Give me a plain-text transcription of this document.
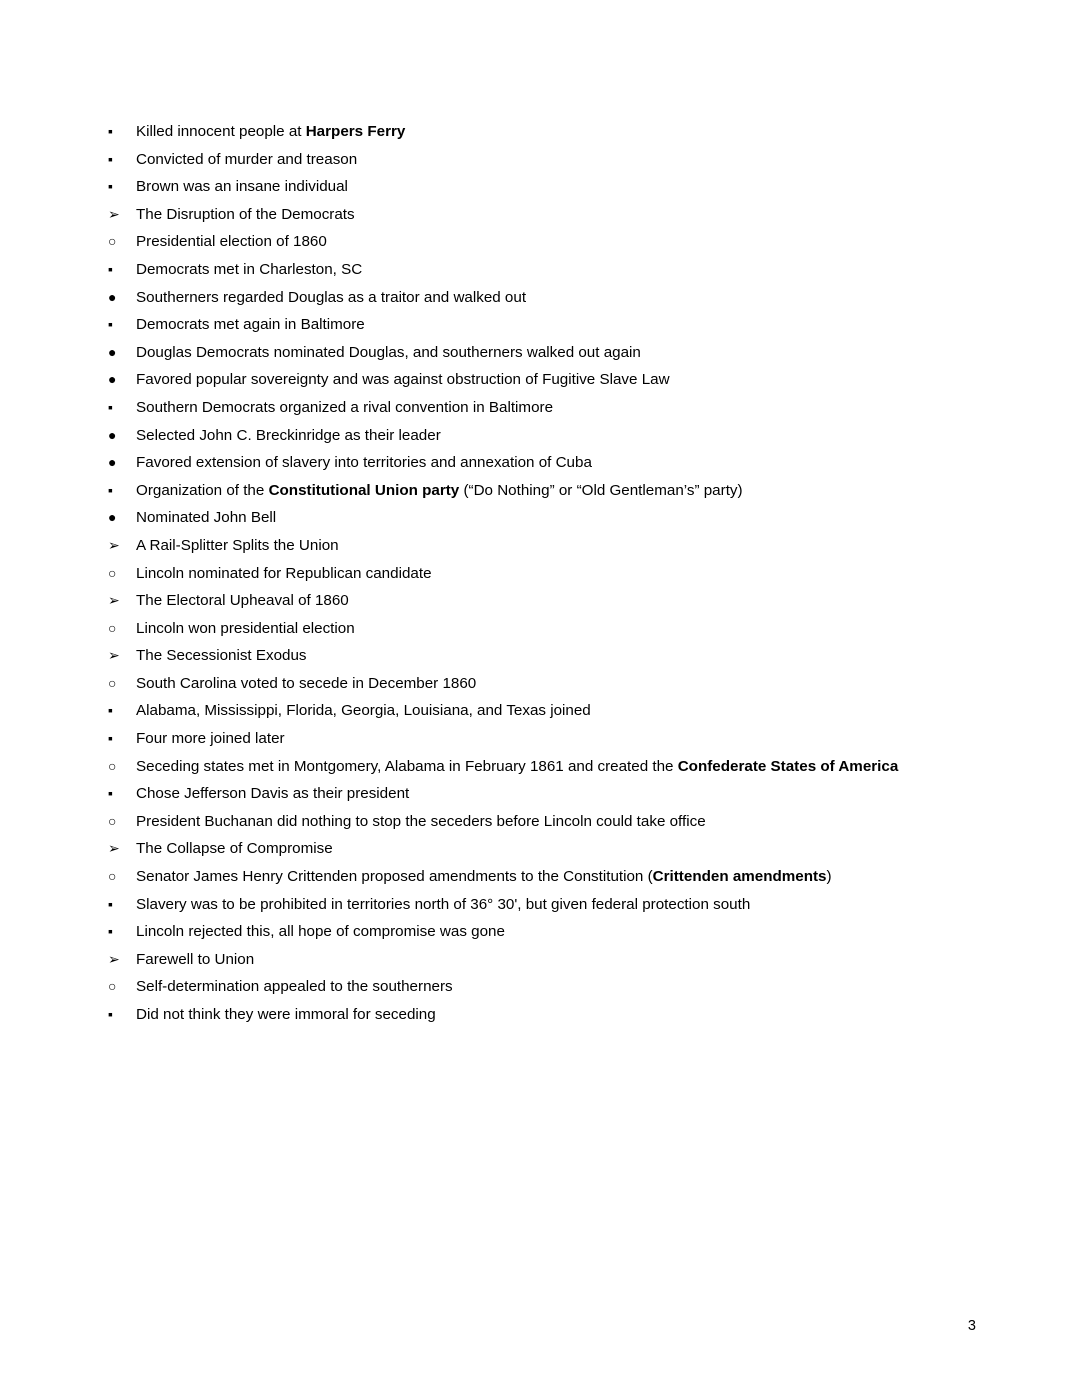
▪	Killed innocent people at Harpers Ferry
▪	Convicted of murder and treason
▪	Brown was an insane individual
➢	The Disruption of the Democrats
○	Presidential election of 1860
▪	Democrats met in Charleston, SC
●	Southerners regarded Douglas as a traitor and walked out
▪	Democrats met again in Baltimore
●	Douglas Democrats nominated Douglas, and southerners walked out again
●	Favored popular sovereignty and was against obstruction of Fugitive Slave Law
▪	Southern Democrats organized a rival convention in Baltimore
●	Selected John C. Breckinridge as their leader
●	Favored extension of slavery into territories and annexation of Cuba
▪	Organization of the Constitutional Union party (“Do Nothing” or “Old Gentleman’s” party)
●	Nominated John Bell
➢	A Rail-Splitter Splits the Union
○	Lincoln nominated for Republican candidate
➢	The Electoral Upheaval of 1860
○	Lincoln won presidential election
➢	The Secessionist Exodus
○	South Carolina voted to secede in December 1860
▪	Alabama, Mississippi, Florida, Georgia, Louisiana, and Texas joined
▪	Four more joined later
○	Seceding states met in Montgomery, Alabama in February 1861 and created the Confederate States of America
▪	Chose Jefferson Davis as their president
○	President Buchanan did nothing to stop the seceders before Lincoln could take office
➢	The Collapse of Compromise
○	Senator James Henry Crittenden proposed amendments to the Constitution (Crittenden amendments)
▪	Slavery was to be prohibited in territories north of 36° 30', but given federal protection south
▪	Lincoln rejected this, all hope of compromise was gone
➢	Farewell to Union
○	Self-determination appealed to the southerners
▪	Did not think they were immoral for seceding
3
